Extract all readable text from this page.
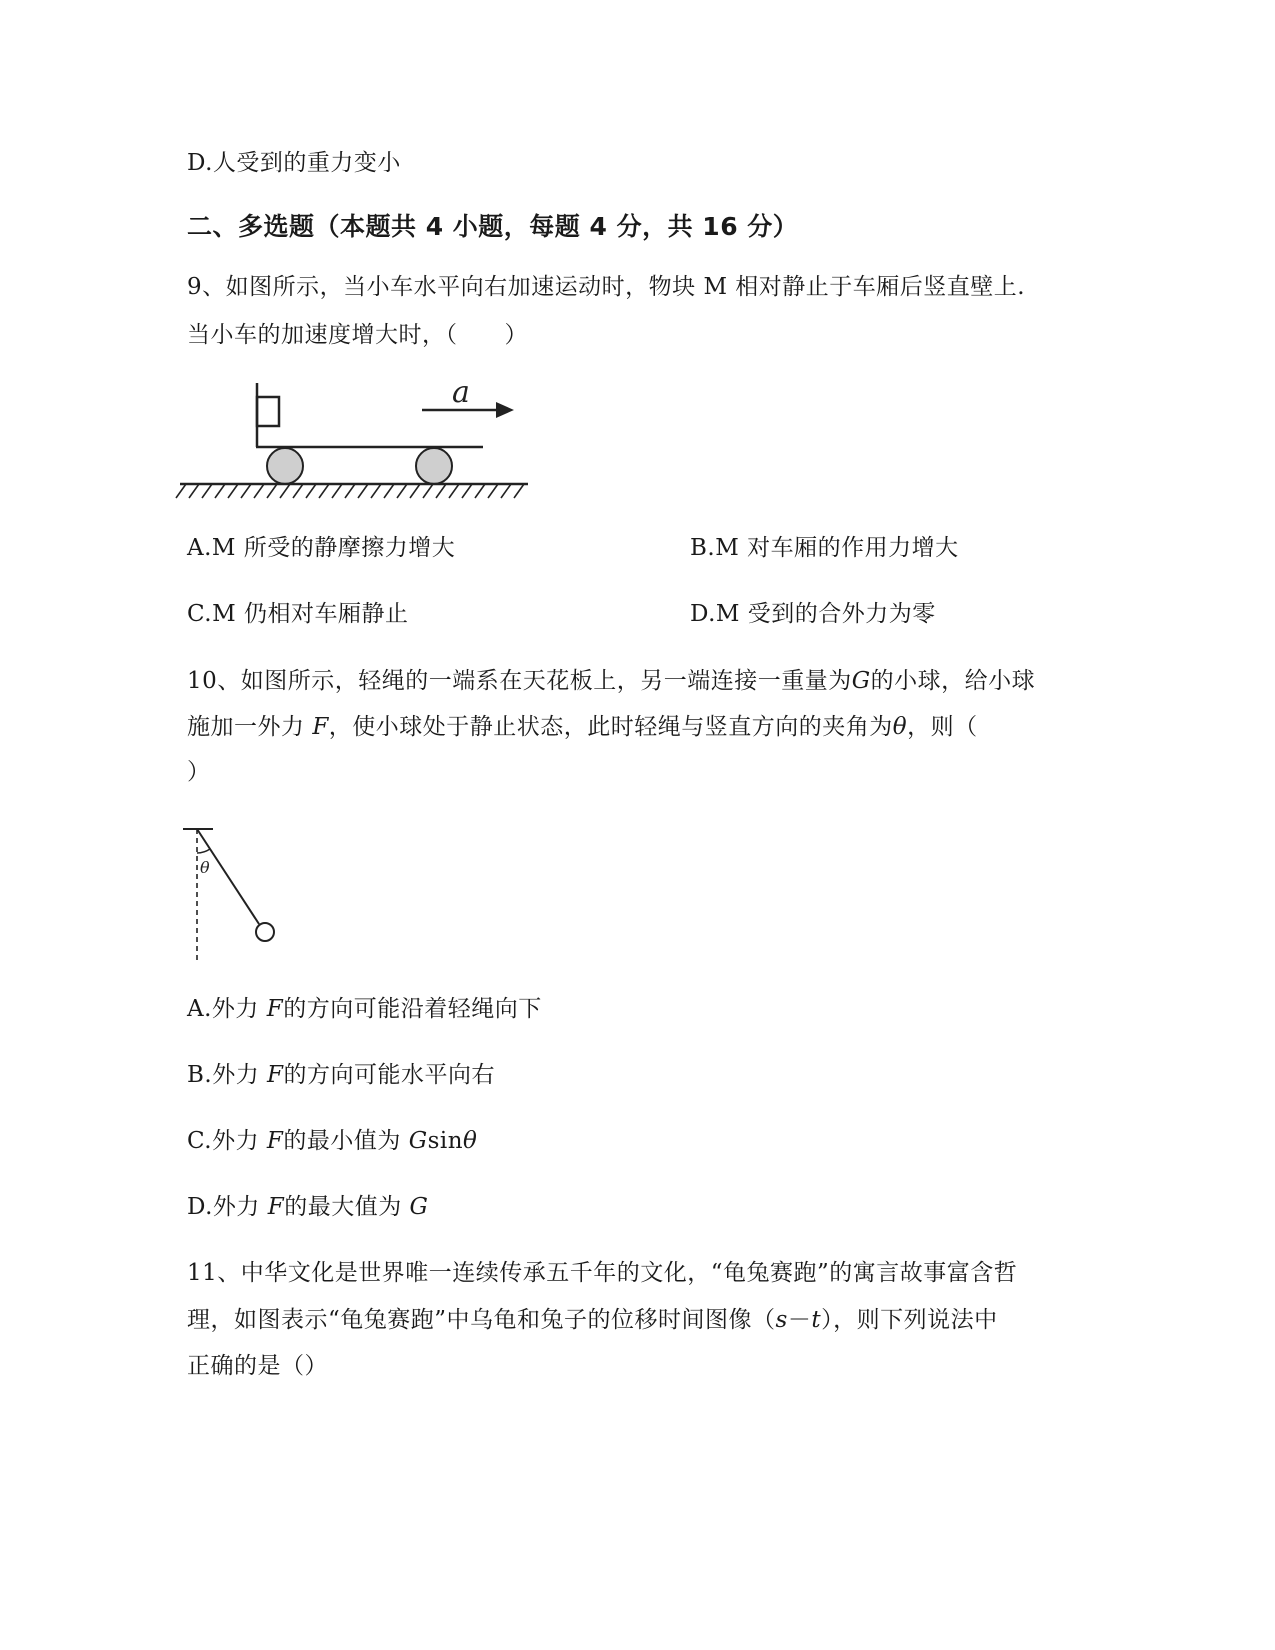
D.人受到的重力变小
二、多选题（本题共 4 小题，每题 4 分，共 16 分）
9、如图所示，当小车水平向右加速运动时，物块 M 相对静止于车厢后竖直壁上.
当小车的加速度增大时，（　　）
a
A.M 所受的静摩擦力增大	B.M 对车厢的作用力增大
C.M 仍相对车厢静止	D.M 受到的合外力为零
10、如图所示，轻绳的一端系在天花板上，另一端连接一重量为G的小球，给小球
施加一外力 F，使小球处于静止状态，此时轻绳与竖直方向的夹角为θ，则（
）
θ
A.外力 F的方向可能沿着轻绳向下
B.外力 F的方向可能水平向右
C.外力 F的最小值为 Gsinθ
D.外力 F的最大值为 G
11、中华文化是世界唯一连续传承五千年的文化，“龟兔赛跑”的寓言故事富含哲
理，如图表示“龟兔赛跑”中乌龟和兔子的位移时间图像（s－t），则下列说法中
正确的是（）
